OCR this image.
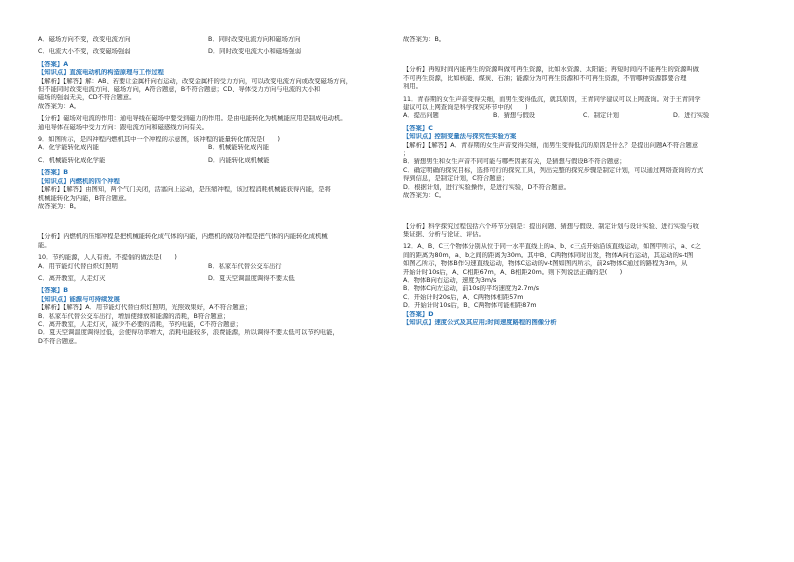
A．磁场方向不变，改变电流方向	B．同时改变电流方向和磁场方向
C．电流大小不变，改变磁场强弱	D．同时改变电流大小和磁场强弱
【答案】A
【知识点】直流电动机的构造原理与工作过程
【解析】【解答】解：AB、若要让金属杆向右运动，改变金属杆的受力方向，可以改变电流方向或改变磁场方向，
但不能同时改变电流方向、磁场方向，A符合题意，B不符合题意；CD、导体受力方向与电流的大小和
磁场的强弱无关，CD不符合题意。
故答案为：A。
【分析】磁场对电流的作用：通电导线在磁场中要受到磁力的作用。是由电能转化为机械能应用是制成电动机。
通电导体在磁场中受力方向：跟电流方向和磁感线方向有关。
9．如图所示，是四冲程内燃机其中一个冲程的示意图，该冲程的能量转化情况是(　　)
A．化学能转化成内能	B．机械能转化成内能
C．机械能转化成化学能	D．内能转化成机械能
【答案】B
【知识点】内燃机的四个冲程
【解析】【解答】由图知，两个气门关闭，活塞向上运动，是压缩冲程，该过程消耗机械能获得内能，是将
机械能转化为内能，B符合题意。
故答案为：B。
【分析】内燃机的压缩冲程是把机械能转化成气体的内能，内燃机的做功冲程是把气体的内能转化成机械
能。
10．节约能源，人人有责。不提倡的做法是(　　)
A．用节能灯代替白炽灯照明	B．私家车代替公交车出行
C．离开教室，人走灯灭	D．夏天空调温度调得不要太低
【答案】B
【知识点】能源与可持续发展
【解析】【解答】A．用节能灯代替白炽灯照明，光照效果好，A不符合题意；
B．私家车代替公交车出行，增加使排放和能源的消耗，B符合题意；
C．离开教室，人走灯灭，减少不必要的消耗，节约电能，C不符合题意；
D．夏天空调温度调得过低，会使得功率增大，消耗电能较多，浪费能源，所以调得不要太低可以节约电能，
D不符合题意。
故答案为：B。
【分析】再短时间内能再生的资源叫做可再生资源，比如水资源、太阳能；再短时间内不能再生的资源叫做
不可再生资源，比如核能、煤炭、石油；能源分为可再生资源和不可再生资源，不管哪种资源都要合理
利用。
11．青春期的女生声音变得尖细，而男生变得低沉，就其原因，王青同学建议可以上网查询。对于王青同学
建议可以上网查询是科学探究环节中的(　　)
A．提出问题	B．猜想与假设	C．制定计划	D．进行实验
【答案】C
【知识点】控制变量法与探究性实验方案
【解析】【解答】A．青春期的女生声音变得尖细，而男生变得低沉的原因是什么？是提出问题A不符合题意
；
B．猜想男生和女生声音不同可能与哪些因素有关，是猜想与假设B不符合题意；
C．确定明确的探究目标，选择可行的探究工具，列出完整的探究步骤是制定计划，可以通过网络查询的方式
得到信息，是制定计划，C符合题意；
D．根据计划，进行实验操作，是进行实验，D不符合题意。
故答案为：C。
【分析】科学探究过程包括六个环节分别是：提出问题、猜想与假设、制定计划与设计实验、进行实验与收
集证据、分析与论证、评估。
12．A、B、C三个物体分别从位于同一水平直线上的a、b、c三点开始沿该直线运动，如图甲所示，a、c之
间的距离为80m，a、b之间的距离为30m。其中B、C两物体同时出发，物体A向右运动，其运动的s-t图
如图乙所示，物体B作匀速直线运动，物体C运动的v-t图如图丙所示，前2s物体C通过的路程为3m，从
开始计时10s后，A、C相距67m，A、B相距20m。则下列说法正确的是(　　)
A．物体B向右运动，速度为3m/s
B．物体C向左运动，前10s的平均速度为2.7m/s
C．开始计时20s后，A、C两物体相距57m
D．开始计时10s后，B、C两物体可能相距87m
【答案】D
【知识点】速度公式及其应用;时间速度路程的图像分析
